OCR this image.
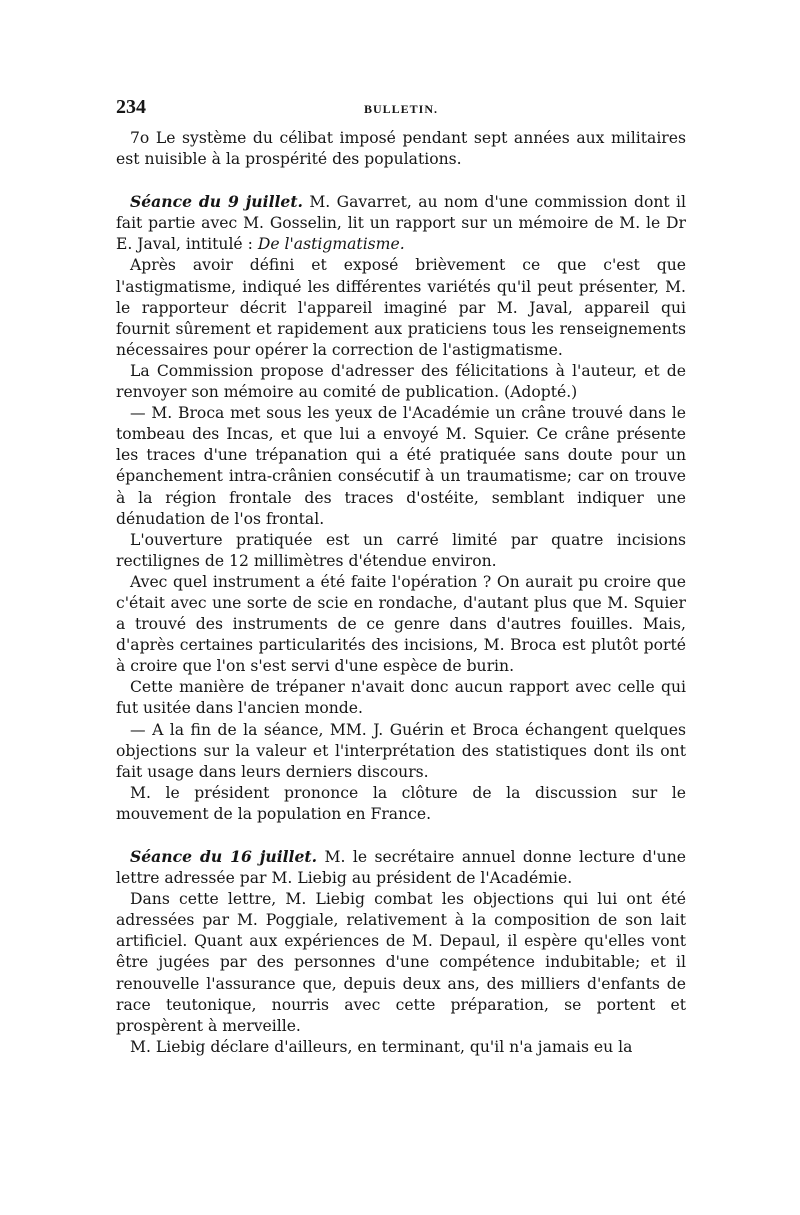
234	BULLETIN.

7o Le système du célibat imposé pendant sept années aux militaires est nuisible à la prospérité des populations.

Séance du 9 juillet. M. Gavarret, au nom d'une commission dont il fait partie avec M. Gosselin, lit un rapport sur un mémoire de M. le Dr E. Javal, intitulé : De l'astigmatisme.

Après avoir défini et exposé brièvement ce que c'est que l'astigmatisme, indiqué les différentes variétés qu'il peut présenter, M. le rapporteur décrit l'appareil imaginé par M. Javal, appareil qui fournit sûrement et rapidement aux praticiens tous les renseignements nécessaires pour opérer la correction de l'astigmatisme.

La Commission propose d'adresser des félicitations à l'auteur, et de renvoyer son mémoire au comité de publication. (Adopté.)

— M. Broca met sous les yeux de l'Académie un crâne trouvé dans le tombeau des Incas, et que lui a envoyé M. Squier. Ce crâne présente les traces d'une trépanation qui a été pratiquée sans doute pour un épanchement intra-crânien consécutif à un traumatisme; car on trouve à la région frontale des traces d'ostéite, semblant indiquer une dénudation de l'os frontal.

L'ouverture pratiquée est un carré limité par quatre incisions rectilignes de 12 millimètres d'étendue environ.

Avec quel instrument a été faite l'opération ? On aurait pu croire que c'était avec une sorte de scie en rondache, d'autant plus que M. Squier a trouvé des instruments de ce genre dans d'autres fouilles. Mais, d'après certaines particularités des incisions, M. Broca est plutôt porté à croire que l'on s'est servi d'une espèce de burin.

Cette manière de trépaner n'avait donc aucun rapport avec celle qui fut usitée dans l'ancien monde.

— A la fin de la séance, MM. J. Guérin et Broca échangent quelques objections sur la valeur et l'interprétation des statistiques dont ils ont fait usage dans leurs derniers discours.

M. le président prononce la clôture de la discussion sur le mouvement de la population en France.

Séance du 16 juillet. M. le secrétaire annuel donne lecture d'une lettre adressée par M. Liebig au président de l'Académie.

Dans cette lettre, M. Liebig combat les objections qui lui ont été adressées par M. Poggiale, relativement à la composition de son lait artificiel. Quant aux expériences de M. Depaul, il espère qu'elles vont être jugées par des personnes d'une compétence indubitable; et il renouvelle l'assurance que, depuis deux ans, des milliers d'enfants de race teutonique, nourris avec cette préparation, se portent et prospèrent à merveille.

M. Liebig déclare d'ailleurs, en terminant, qu'il n'a jamais eu la
